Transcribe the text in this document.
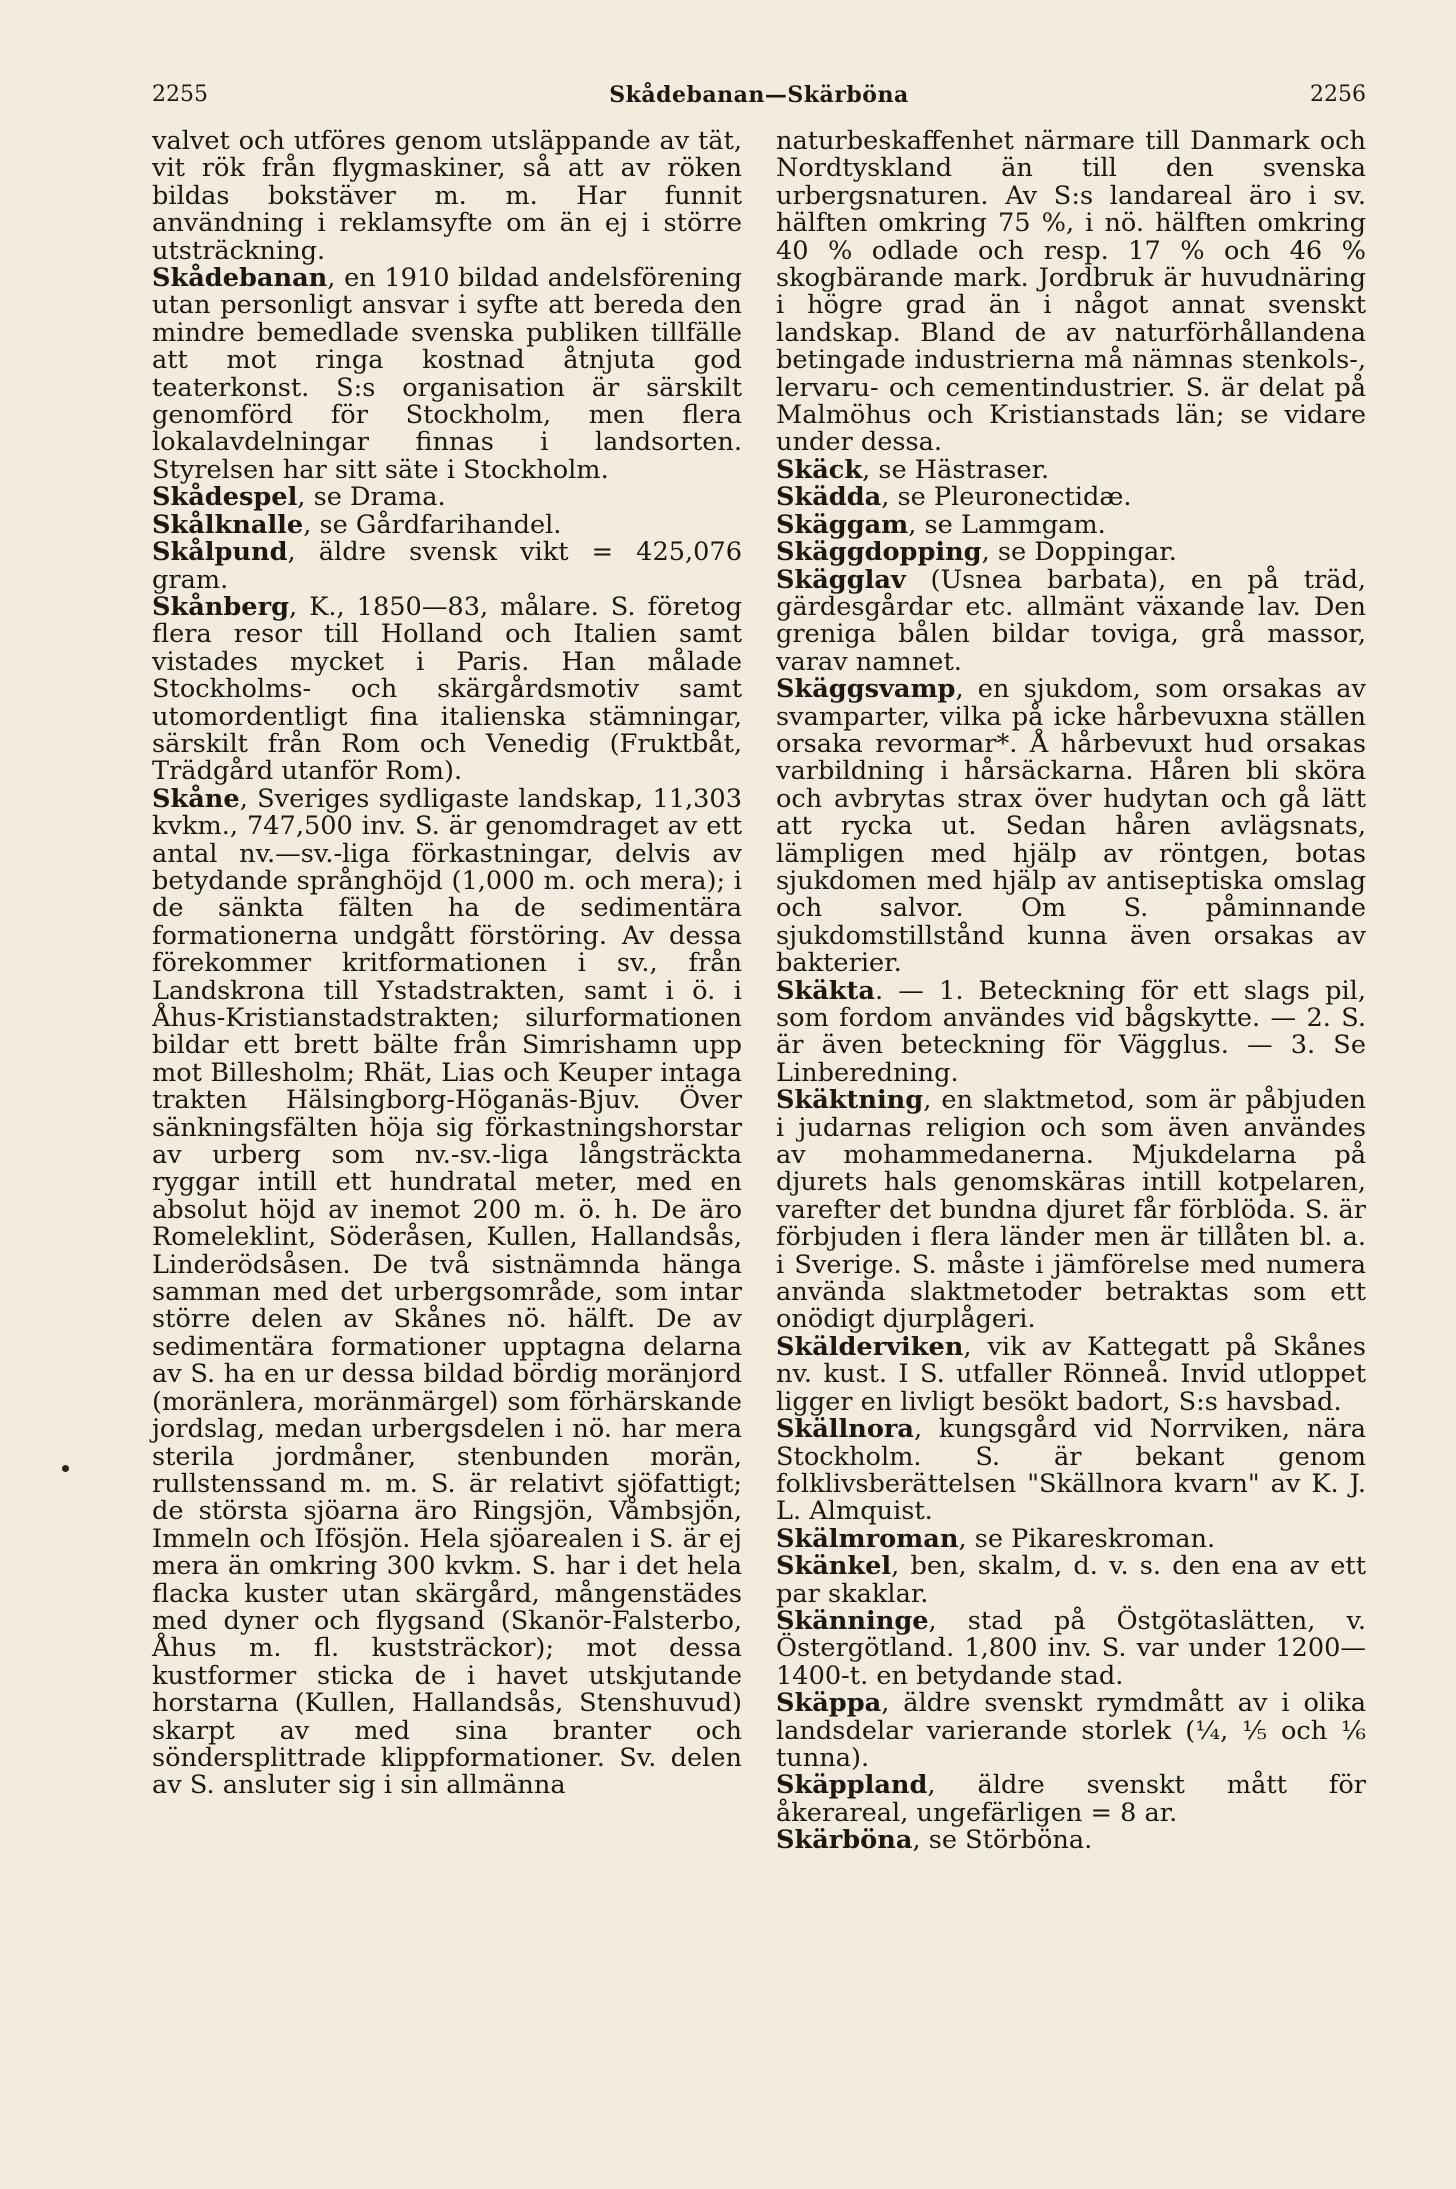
2255	Skådebanan—Skärböna	2256

valvet och utföres genom utsläppande av tät, vit rök från flygmaskiner, så att av röken bildas bokstäver m. m. Har funnit användning i reklamsyfte om än ej i större utsträckning.

Skådebanan, en 1910 bildad andelsförening utan personligt ansvar i syfte att bereda den mindre bemedlade svenska publiken tillfälle att mot ringa kostnad åtnjuta god teaterkonst. S:s organisation är särskilt genomförd för Stockholm, men flera lokalavdelningar finnas i landsorten. Styrelsen har sitt säte i Stockholm.

Skådespel, se Drama.

Skålknalle, se Gårdfarihandel.

Skålpund, äldre svensk vikt = 425,076 gram.

Skånberg, K., 1850—83, målare. S. företog flera resor till Holland och Italien samt vistades mycket i Paris. Han målade Stockholms- och skärgårdsmotiv samt utomordentligt fina italienska stämningar, särskilt från Rom och Venedig (Fruktbåt, Trädgård utanför Rom).

Skåne, Sveriges sydligaste landskap, 11,303 kvkm., 747,500 inv. S. är genomdraget av ett antal nv.—sv.-liga förkastningar, delvis av betydande språnghöjd (1,000 m. och mera); i de sänkta fälten ha de sedimentära formationerna undgått förstöring. Av dessa förekommer kritformationen i sv., från Landskrona till Ystadstrakten, samt i ö. i Åhus-Kristianstadstrakten; silurformationen bildar ett brett bälte från Simrishamn upp mot Billesholm; Rhät, Lias och Keuper intaga trakten Hälsingborg-Höganäs-Bjuv. Över sänkningsfälten höja sig förkastningshorstar av urberg som nv.-sv.-liga långsträckta ryggar intill ett hundratal meter, med en absolut höjd av inemot 200 m. ö. h. De äro Romeleklint, Söderåsen, Kullen, Hallandsås, Linderödsåsen. De två sistnämnda hänga samman med det urbergsområde, som intar större delen av Skånes nö. hälft. De av sedimentära formationer upptagna delarna av S. ha en ur dessa bildad bördig moränjord (moränlera, moränmärgel) som förhärskande jordslag, medan urbergsdelen i nö. har mera sterila jordmåner, stenbunden morän, rullstenssand m. m. S. är relativt sjöfattigt; de största sjöarna äro Ringsjön, Våmbsjön, Immeln och Ifösjön. Hela sjöarealen i S. är ej mera än omkring 300 kvkm. S. har i det hela flacka kuster utan skärgård, mångenstädes med dyner och flygsand (Skanör-Falsterbo, Åhus m. fl. kuststräckor); mot dessa kustformer sticka de i havet utskjutande horstarna (Kullen, Hallandsås, Stenshuvud) skarpt av med sina branter och söndersplittrade klippformationer. Sv. delen av S. ansluter sig i sin allmänna

naturbeskaffenhet närmare till Danmark och Nordtyskland än till den svenska urbergsnaturen. Av S:s landareal äro i sv. hälften omkring 75 %, i nö. hälften omkring 40 % odlade och resp. 17 % och 46 % skogbärande mark. Jordbruk är huvudnäring i högre grad än i något annat svenskt landskap. Bland de av naturförhållandena betingade industrierna må nämnas stenkols-, lervaru- och cementindustrier. S. är delat på Malmöhus och Kristianstads län; se vidare under dessa.

Skäck, se Hästraser.

Skädda, se Pleuronectidæ.

Skäggam, se Lammgam.

Skäggdopping, se Doppingar.

Skägglav (Usnea barbata), en på träd, gärdesgårdar etc. allmänt växande lav. Den greniga bålen bildar toviga, grå massor, varav namnet.

Skäggsvamp, en sjukdom, som orsakas av svamparter, vilka på icke hårbevuxna ställen orsaka revormar*. Å hårbevuxt hud orsakas varbildning i hårsäckarna. Håren bli sköra och avbrytas strax över hudytan och gå lätt att rycka ut. Sedan håren avlägsnats, lämpligen med hjälp av röntgen, botas sjukdomen med hjälp av antiseptiska omslag och salvor. Om S. påminnande sjukdomstillstånd kunna även orsakas av bakterier.

Skäkta. — 1. Beteckning för ett slags pil, som fordom användes vid bågskytte. — 2. S. är även beteckning för Vägglus. — 3. Se Linberedning.

Skäktning, en slaktmetod, som är påbjuden i judarnas religion och som även användes av mohammedanerna. Mjukdelarna på djurets hals genomskäras intill kotpelaren, varefter det bundna djuret får förblöda. S. är förbjuden i flera länder men är tillåten bl. a. i Sverige. S. måste i jämförelse med numera använda slaktmetoder betraktas som ett onödigt djurplågeri.

Skälderviken, vik av Kattegatt på Skånes nv. kust. I S. utfaller Rönneå. Invid utloppet ligger en livligt besökt badort, S:s havsbad.

Skällnora, kungsgård vid Norrviken, nära Stockholm. S. är bekant genom folklivsberättelsen "Skällnora kvarn" av K. J. L. Almquist.

Skälmroman, se Pikareskroman.

Skänkel, ben, skalm, d. v. s. den ena av ett par skaklar.

Skänninge, stad på Östgötaslätten, v. Östergötland. 1,800 inv. S. var under 1200—1400-t. en betydande stad.

Skäppa, äldre svenskt rymdmått av i olika landsdelar varierande storlek (¼, ⅕ och ⅙ tunna).

Skäppland, äldre svenskt mått för åkerareal, ungefärligen = 8 ar.

Skärböna, se Störböna.
